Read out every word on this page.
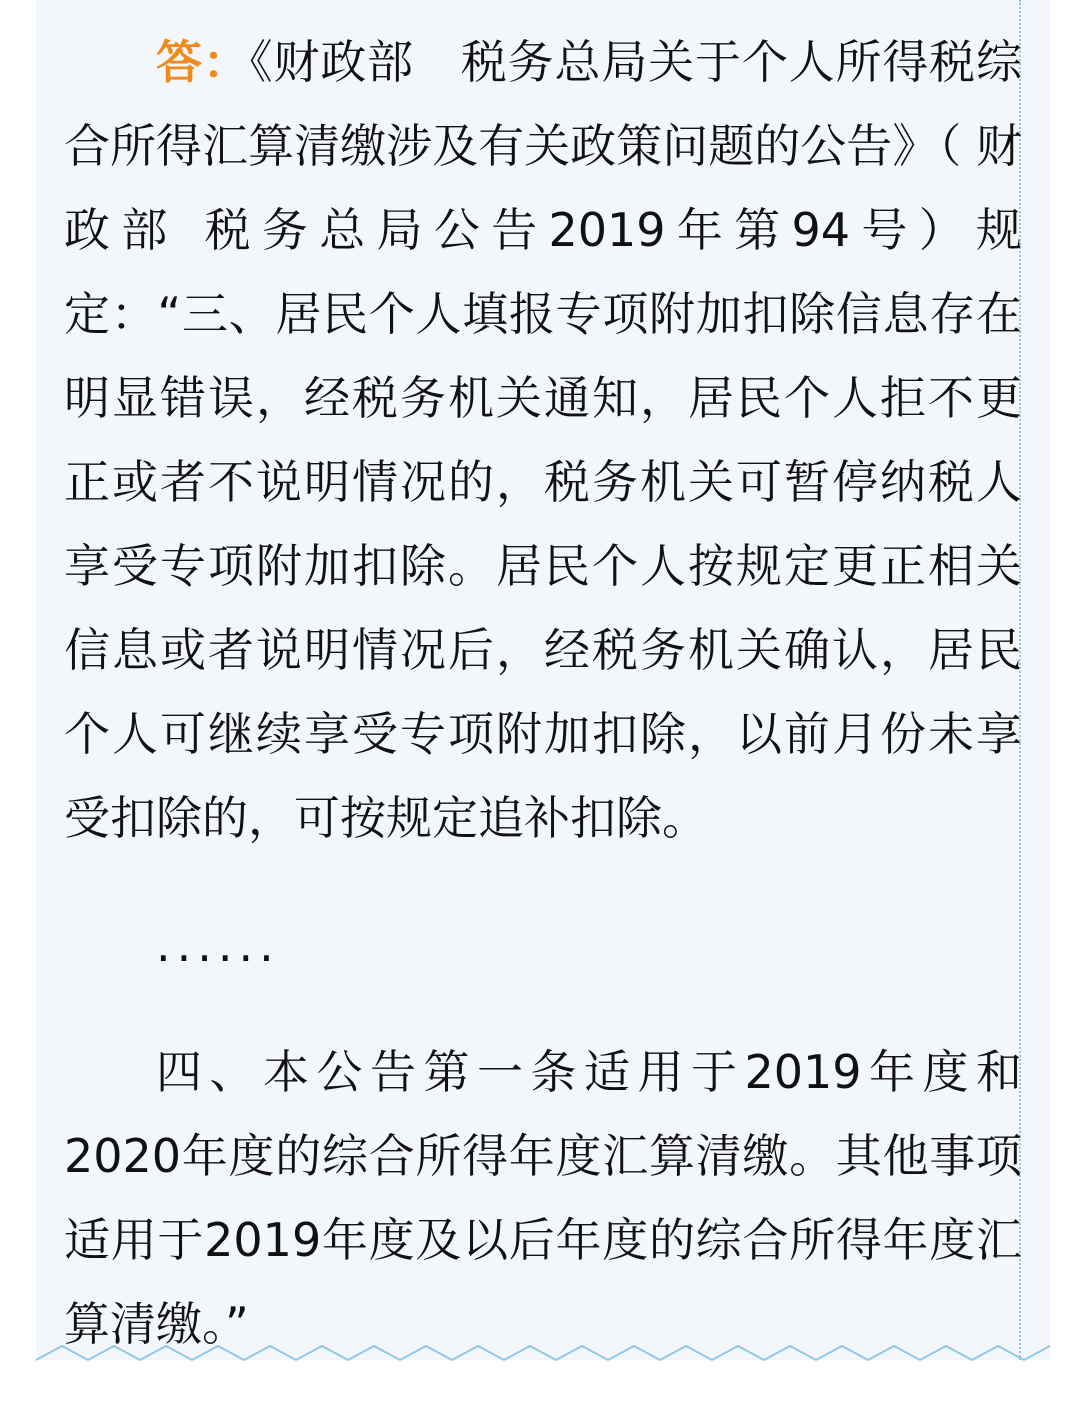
答：《财政部　税务总局关于个人所得税综合所得汇算清缴涉及有关政策问题的公告》（ 财政部 税务总局公告2019年第94号）规定：“三、居民个人填报专项附加扣除信息存在明显错误，经税务机关通知，居民个人拒不更正或者不说明情况的，税务机关可暂停纳税人享受专项附加扣除。居民个人按规定更正相关信息或者说明情况后，经税务机关确认，居民个人可继续享受专项附加扣除，以前月份未享受扣除的，可按规定追补扣除。

......

四、本公告第一条适用于2019年度和2020年度的综合所得年度汇算清缴。其他事项适用于2019年度及以后年度的综合所得年度汇算清缴。”
